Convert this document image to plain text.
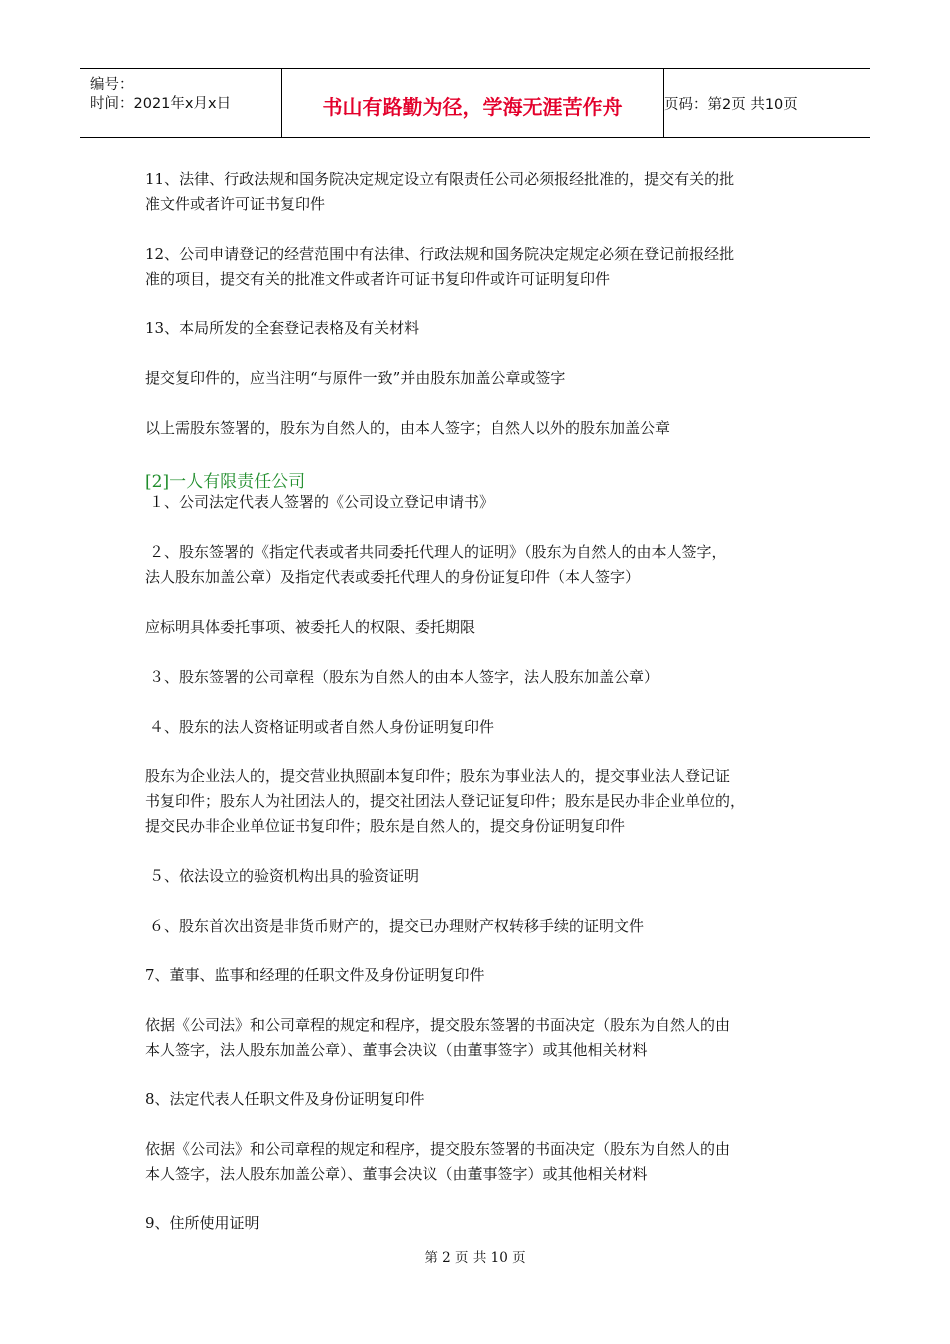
编号：
时间：2021年x月x日	书山有路勤为径，学海无涯苦作舟	页码：第2页 共10页
11、法律、行政法规和国务院决定规定设立有限责任公司必须报经批准的，提交有关的批
准文件或者许可证书复印件
12、公司申请登记的经营范围中有法律、行政法规和国务院决定规定必须在登记前报经批
准的项目，提交有关的批准文件或者许可证书复印件或许可证明复印件
13、本局所发的全套登记表格及有关材料
提交复印件的，应当注明“与原件一致”并由股东加盖公章或签字
以上需股东签署的，股东为自然人的，由本人签字；自然人以外的股东加盖公章
[2]一人有限责任公司
１、公司法定代表人签署的《公司设立登记申请书》
２、股东签署的《指定代表或者共同委托代理人的证明》（股东为自然人的由本人签字，
法人股东加盖公章）及指定代表或委托代理人的身份证复印件（本人签字）
应标明具体委托事项、被委托人的权限、委托期限
３、股东签署的公司章程（股东为自然人的由本人签字，法人股东加盖公章）
４、股东的法人资格证明或者自然人身份证明复印件
股东为企业法人的，提交营业执照副本复印件；股东为事业法人的，提交事业法人登记证
书复印件；股东人为社团法人的，提交社团法人登记证复印件；股东是民办非企业单位的，
提交民办非企业单位证书复印件；股东是自然人的，提交身份证明复印件
５、依法设立的验资机构出具的验资证明
６、股东首次出资是非货币财产的，提交已办理财产权转移手续的证明文件
7、董事、监事和经理的任职文件及身份证明复印件
依据《公司法》和公司章程的规定和程序，提交股东签署的书面决定（股东为自然人的由
本人签字，法人股东加盖公章）、董事会决议（由董事签字）或其他相关材料
8、法定代表人任职文件及身份证明复印件
依据《公司法》和公司章程的规定和程序，提交股东签署的书面决定（股东为自然人的由
本人签字，法人股东加盖公章）、董事会决议（由董事签字）或其他相关材料
9、住所使用证明
第 2 页 共 10 页
